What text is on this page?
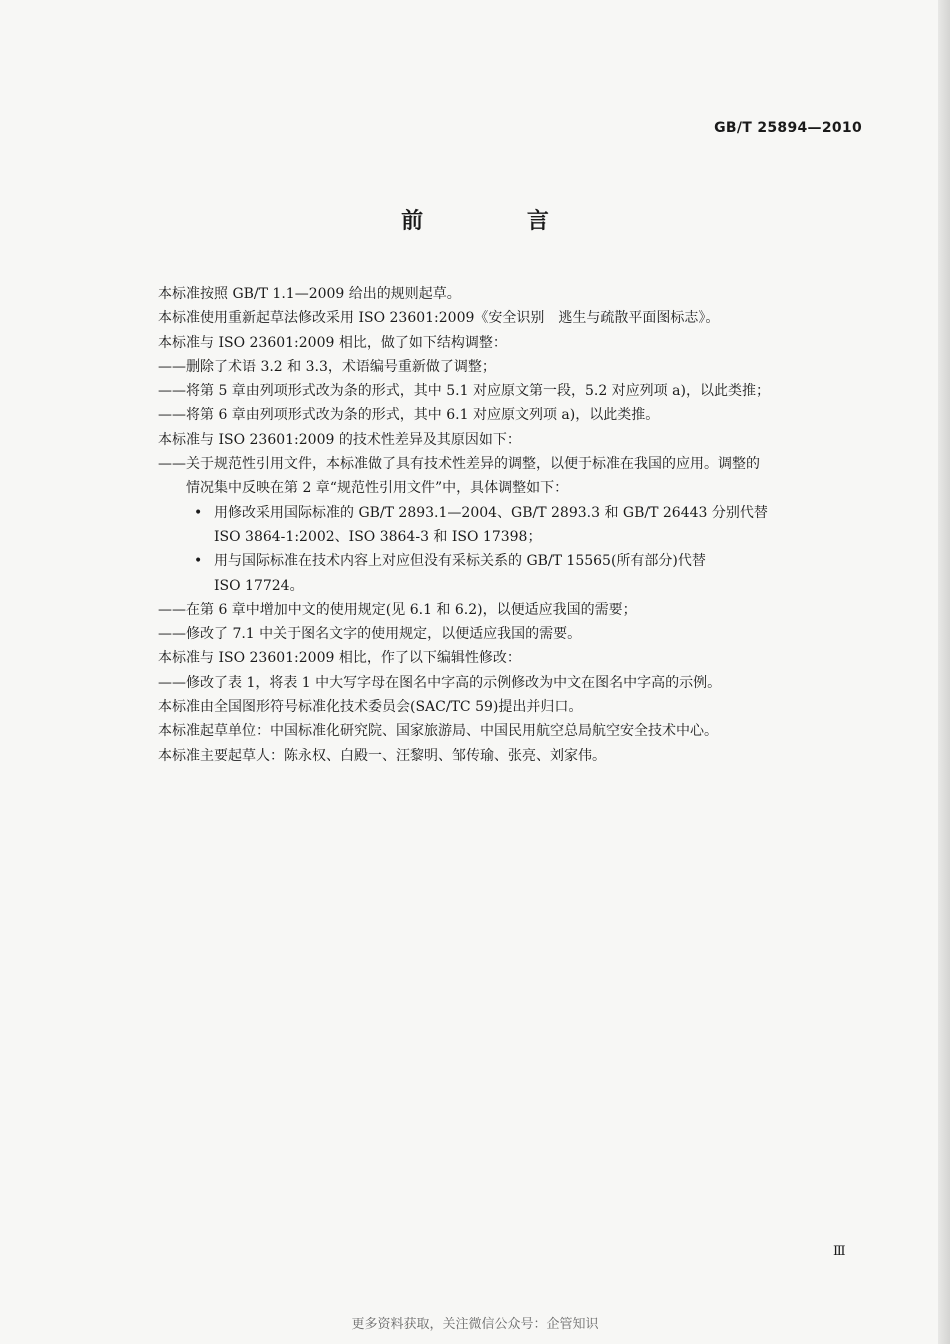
GB/T 25894—2010
前 言
本标准按照 GB/T 1.1—2009 给出的规则起草。
本标准使用重新起草法修改采用 ISO 23601:2009《安全识别　逃生与疏散平面图标志》。
本标准与 ISO 23601:2009 相比，做了如下结构调整：
——删除了术语 3.2 和 3.3，术语编号重新做了调整；
——将第 5 章由列项形式改为条的形式，其中 5.1 对应原文第一段，5.2 对应列项 a)，以此类推；
——将第 6 章由列项形式改为条的形式，其中 6.1 对应原文列项 a)，以此类推。
本标准与 ISO 23601:2009 的技术性差异及其原因如下：
——关于规范性引用文件，本标准做了具有技术性差异的调整，以便于标准在我国的应用。调整的
情况集中反映在第 2 章“规范性引用文件”中，具体调整如下：
• 用修改采用国际标准的 GB/T 2893.1—2004、GB/T 2893.3 和 GB/T 26443 分别代替
ISO 3864-1:2002、ISO 3864-3 和 ISO 17398；
• 用与国际标准在技术内容上对应但没有采标关系的 GB/T 15565(所有部分)代替
ISO 17724。
——在第 6 章中增加中文的使用规定(见 6.1 和 6.2)，以便适应我国的需要；
——修改了 7.1 中关于图名文字的使用规定，以便适应我国的需要。
本标准与 ISO 23601:2009 相比，作了以下编辑性修改：
——修改了表 1，将表 1 中大写字母在图名中字高的示例修改为中文在图名中字高的示例。
本标准由全国图形符号标准化技术委员会(SAC/TC 59)提出并归口。
本标准起草单位：中国标准化研究院、国家旅游局、中国民用航空总局航空安全技术中心。
本标准主要起草人：陈永权、白殿一、汪黎明、邹传瑜、张亮、刘家伟。
Ⅲ
更多资料获取，关注微信公众号：企管知识
